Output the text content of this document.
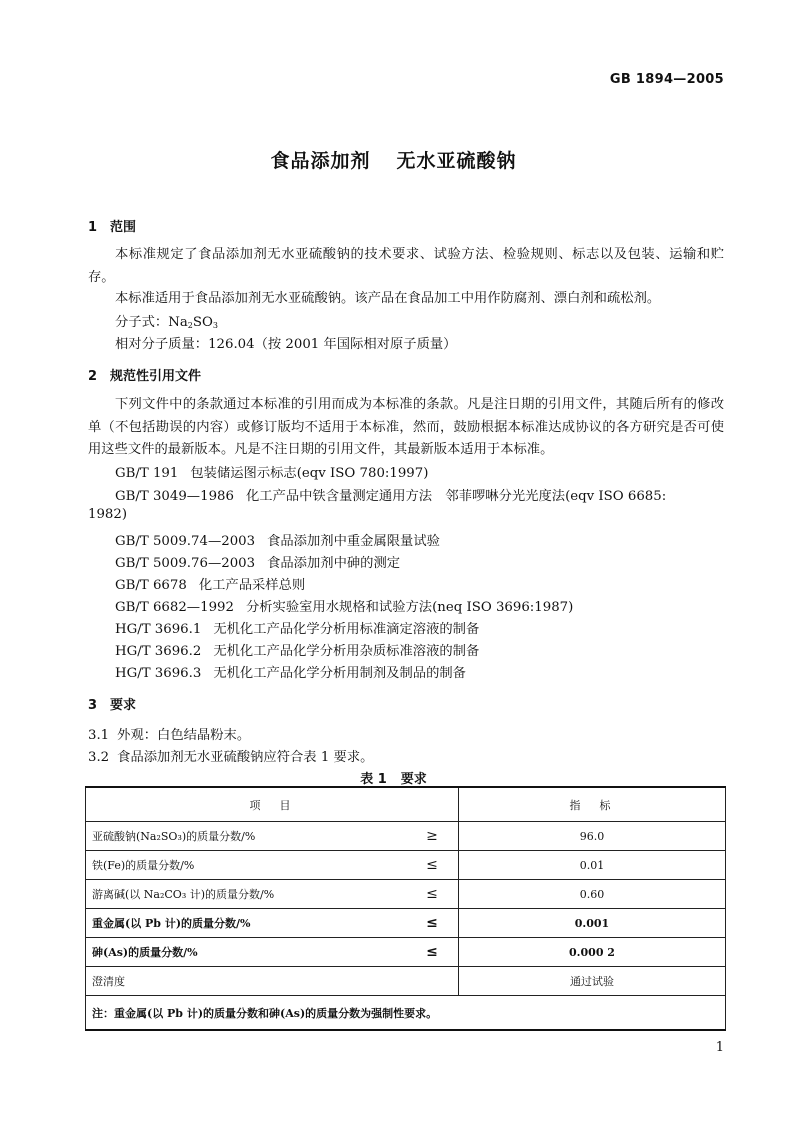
GB 1894—2005
食品添加剂 无水亚硫酸钠
1 范围
本标准规定了食品添加剂无水亚硫酸钠的技术要求、试验方法、检验规则、标志以及包装、运输和贮存。
本标准适用于食品添加剂无水亚硫酸钠。该产品在食品加工中用作防腐剂、漂白剂和疏松剂。
分子式：$Na_2SO_3$
相对分子质量：126.04（按 2001 年国际相对原子质量）
2 规范性引用文件
下列文件中的条款通过本标准的引用而成为本标准的条款。凡是注日期的引用文件，其随后所有的修改单（不包括勘误的内容）或修订版均不适用于本标准，然而，鼓励根据本标准达成协议的各方研究是否可使用这些文件的最新版本。凡是不注日期的引用文件，其最新版本适用于本标准。
GB/T 191 包装储运图示标志(eqv ISO 780:1997)
GB/T 3049—1986 化工产品中铁含量测定通用方法　邻菲啰啉分光光度法(eqv ISO 6685:
1982)
GB/T 5009.74—2003 食品添加剂中重金属限量试验
GB/T 5009.76—2003 食品添加剂中砷的测定
GB/T 6678 化工产品采样总则
GB/T 6682—1992 分析实验室用水规格和试验方法(neq ISO 3696:1987)
HG/T 3696.1 无机化工产品化学分析用标准滴定溶液的制备
HG/T 3696.2 无机化工产品化学分析用杂质标准溶液的制备
HG/T 3696.3 无机化工产品化学分析用制剂及制品的制备
3 要求
3.1 外观：白色结晶粉末。
3.2 食品添加剂无水亚硫酸钠应符合表 1 要求。
表 1 要求
项　目		指　标
亚硫酸钠(Na₂SO₃)的质量分数/%	≥	96.0
铁(Fe)的质量分数/%	≤	0.01
游离碱(以 Na₂CO₃ 计)的质量分数/%	≤	0.60
重金属(以 Pb 计)的质量分数/%	≤	0.001
砷(As)的质量分数/%	≤	0.000 2
澄清度		通过试验
注：重金属(以 Pb 计)的质量分数和砷(As)的质量分数为强制性要求。		
1
